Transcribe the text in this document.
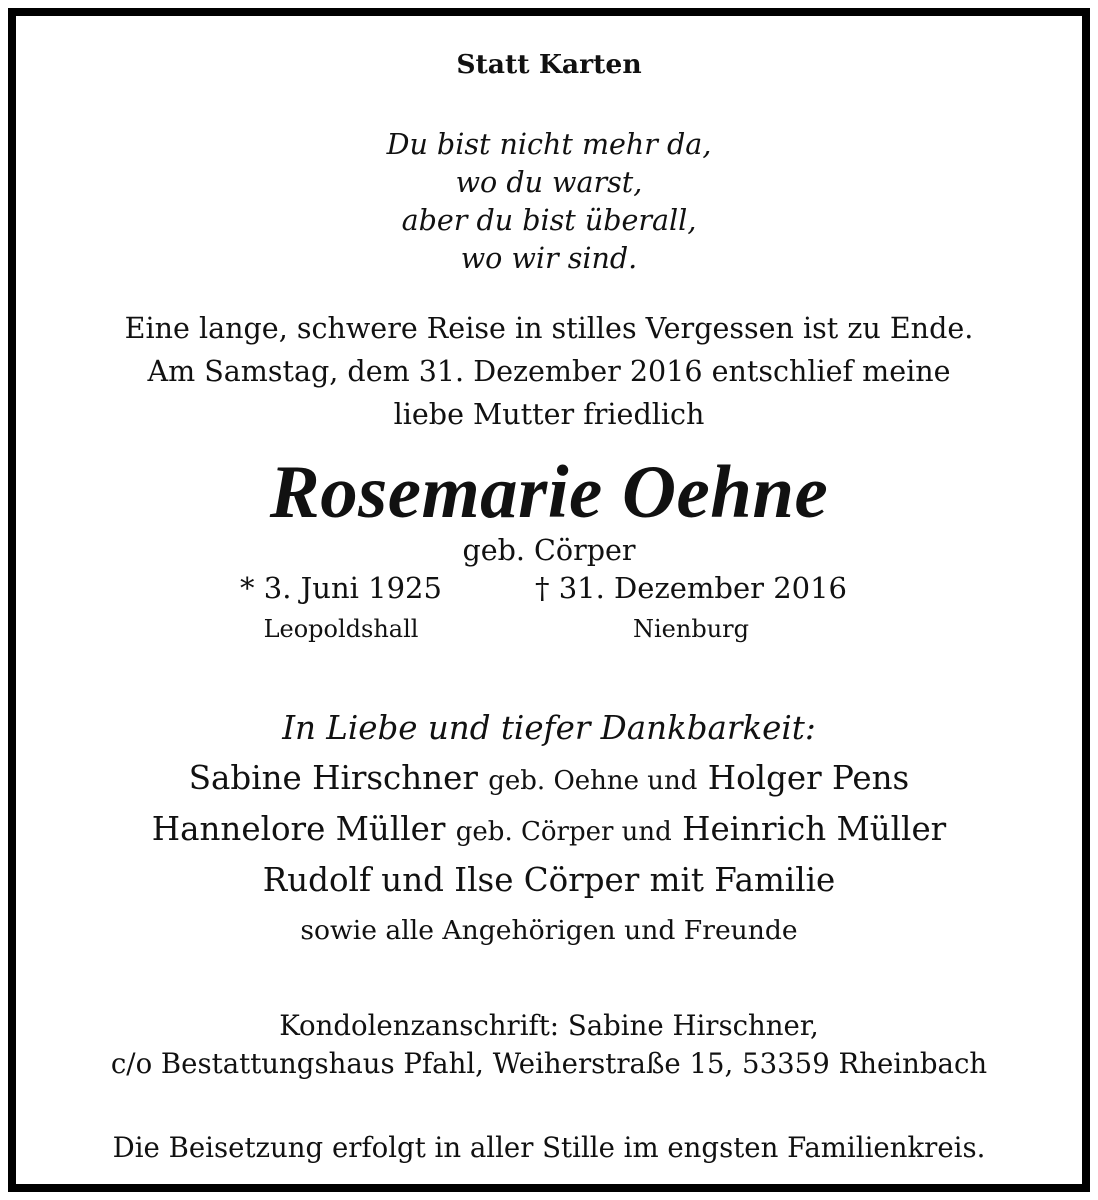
Statt Karten
Du bist nicht mehr da,
wo du warst,
aber du bist überall,
wo wir sind.
Eine lange, schwere Reise in stilles Vergessen ist zu Ende.
Am Samstag, dem 31. Dezember 2016 entschlief meine
liebe Mutter friedlich
Rosemarie Oehne
geb. Cörper
* 3. Juni 1925
Leopoldshall
† 31. Dezember 2016
Nienburg
In Liebe und tiefer Dankbarkeit:
Sabine Hirschner geb. Oehne und Holger Pens
Hannelore Müller geb. Cörper und Heinrich Müller
Rudolf und Ilse Cörper mit Familie
sowie alle Angehörigen und Freunde
Kondolenzanschrift: Sabine Hirschner,
c/o Bestattungshaus Pfahl, Weiherstraße 15, 53359 Rheinbach
Die Beisetzung erfolgt in aller Stille im engsten Familienkreis.
